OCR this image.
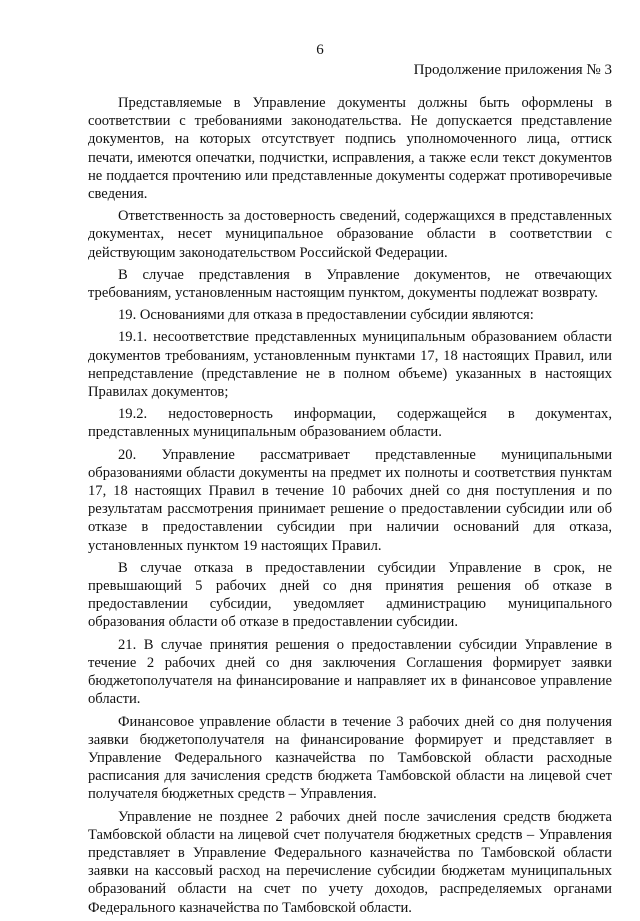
6
Продолжение приложения № 3

Представляемые в Управление документы должны быть оформлены в соответствии с требованиями законодательства. Не допускается представление документов, на которых отсутствует подпись уполномоченного лица, оттиск печати, имеются опечатки, подчистки, исправления, а также если текст документов не поддается прочтению или представленные документы содержат противоречивые сведения.

Ответственность за достоверность сведений, содержащихся в представленных документах, несет муниципальное образование области в соответствии с действующим законодательством Российской Федерации.

В случае представления в Управление документов, не отвечающих требованиям, установленным настоящим пунктом, документы подлежат возврату.

19. Основаниями для отказа в предоставлении субсидии являются:

19.1. несоответствие представленных муниципальным образованием области документов требованиям, установленным пунктами 17, 18 настоящих Правил, или непредставление (представление не в полном объеме) указанных в настоящих Правилах документов;

19.2. недостоверность информации, содержащейся в документах, представленных муниципальным образованием области.

20. Управление рассматривает представленные муниципальными образованиями области документы на предмет их полноты и соответствия пунктам 17, 18 настоящих Правил в течение 10 рабочих дней со дня поступления и по результатам рассмотрения принимает решение о предоставлении субсидии или об отказе в предоставлении субсидии при наличии оснований для отказа, установленных пунктом 19 настоящих Правил.

В случае отказа в предоставлении субсидии Управление в срок, не превышающий 5 рабочих дней со дня принятия решения об отказе в предоставлении субсидии, уведомляет администрацию муниципального образования области об отказе в предоставлении субсидии.

21. В случае принятия решения о предоставлении субсидии Управление в течение 2 рабочих дней со дня заключения Соглашения формирует заявки бюджетополучателя на финансирование и направляет их в финансовое управление области.

Финансовое управление области в течение 3 рабочих дней со дня получения заявки бюджетополучателя на финансирование формирует и представляет в Управление Федерального казначейства по Тамбовской области расходные расписания для зачисления средств бюджета Тамбовской области на лицевой счет получателя бюджетных средств – Управления.

Управление не позднее 2 рабочих дней после зачисления средств бюджета Тамбовской области на лицевой счет получателя бюджетных средств – Управления представляет в Управление Федерального казначейства по Тамбовской области заявки на кассовый расход на перечисление субсидии бюджетам муниципальных образований области на счет по учету доходов, распределяемых органами Федерального казначейства по Тамбовской области.
